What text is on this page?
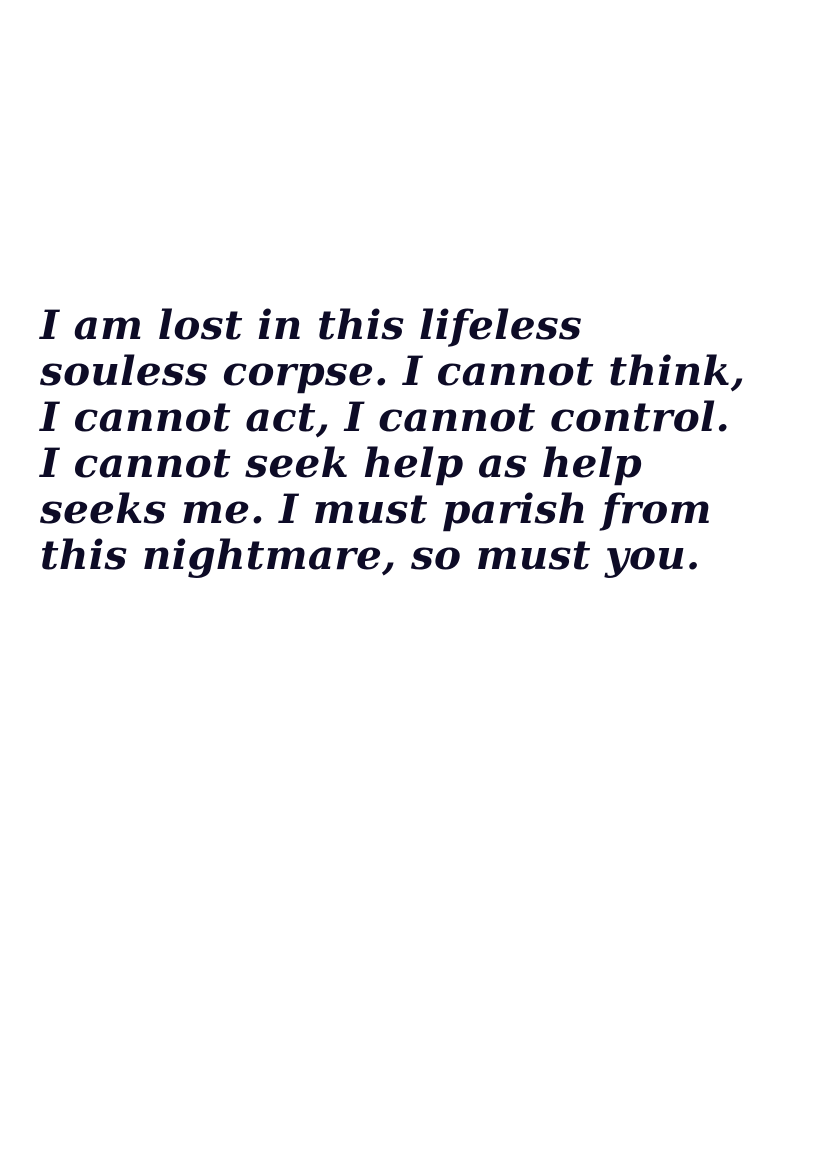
I am lost in this lifeless
souless corpse. I cannot think,
I cannot act, I cannot control.
I cannot seek help as help
seeks me. I must parish from
this nightmare, so must you.
